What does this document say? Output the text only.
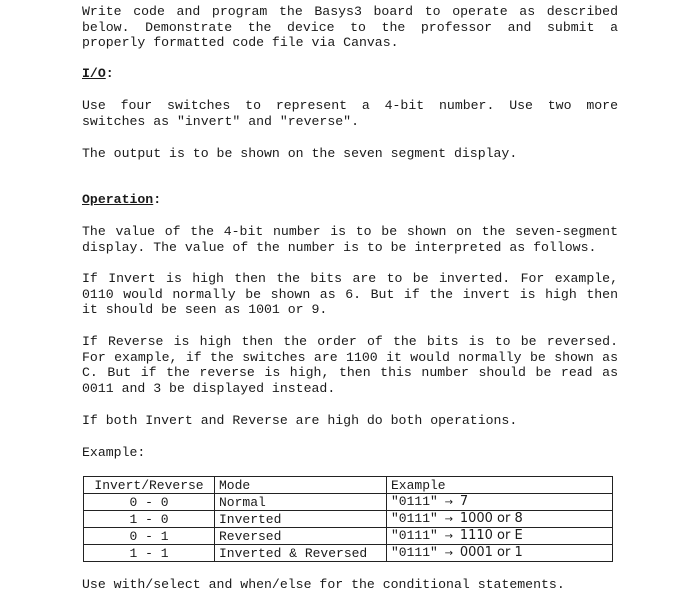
Write code and program the Basys3 board to operate as described below. Demonstrate the device to the professor and submit a properly formatted code file via Canvas.

I/O:

Use four switches to represent a 4-bit number. Use two more switches as "invert" and "reverse".

The output is to be shown on the seven segment display.

Operation:

The value of the 4-bit number is to be shown on the seven-segment display. The value of the number is to be interpreted as follows.

If Invert is high then the bits are to be inverted. For example, 0110 would normally be shown as 6. But if the invert is high then it should be seen as 1001 or 9.

If Reverse is high then the order of the bits is to be reversed. For example, if the switches are 1100 it would normally be shown as C. But if the reverse is high, then this number should be read as 0011 and 3 be displayed instead.

If both Invert and Reverse are high do both operations.

Example:

Invert/Reverse	Mode	Example
0 - 0	Normal	"0111" → 7
1 - 0	Inverted	"0111" → 1000 or 8
0 - 1	Reversed	"0111" → 1110 or E
1 - 1	Inverted & Reversed	"0111" → 0001 or 1

Use with/select and when/else for the conditional statements.
